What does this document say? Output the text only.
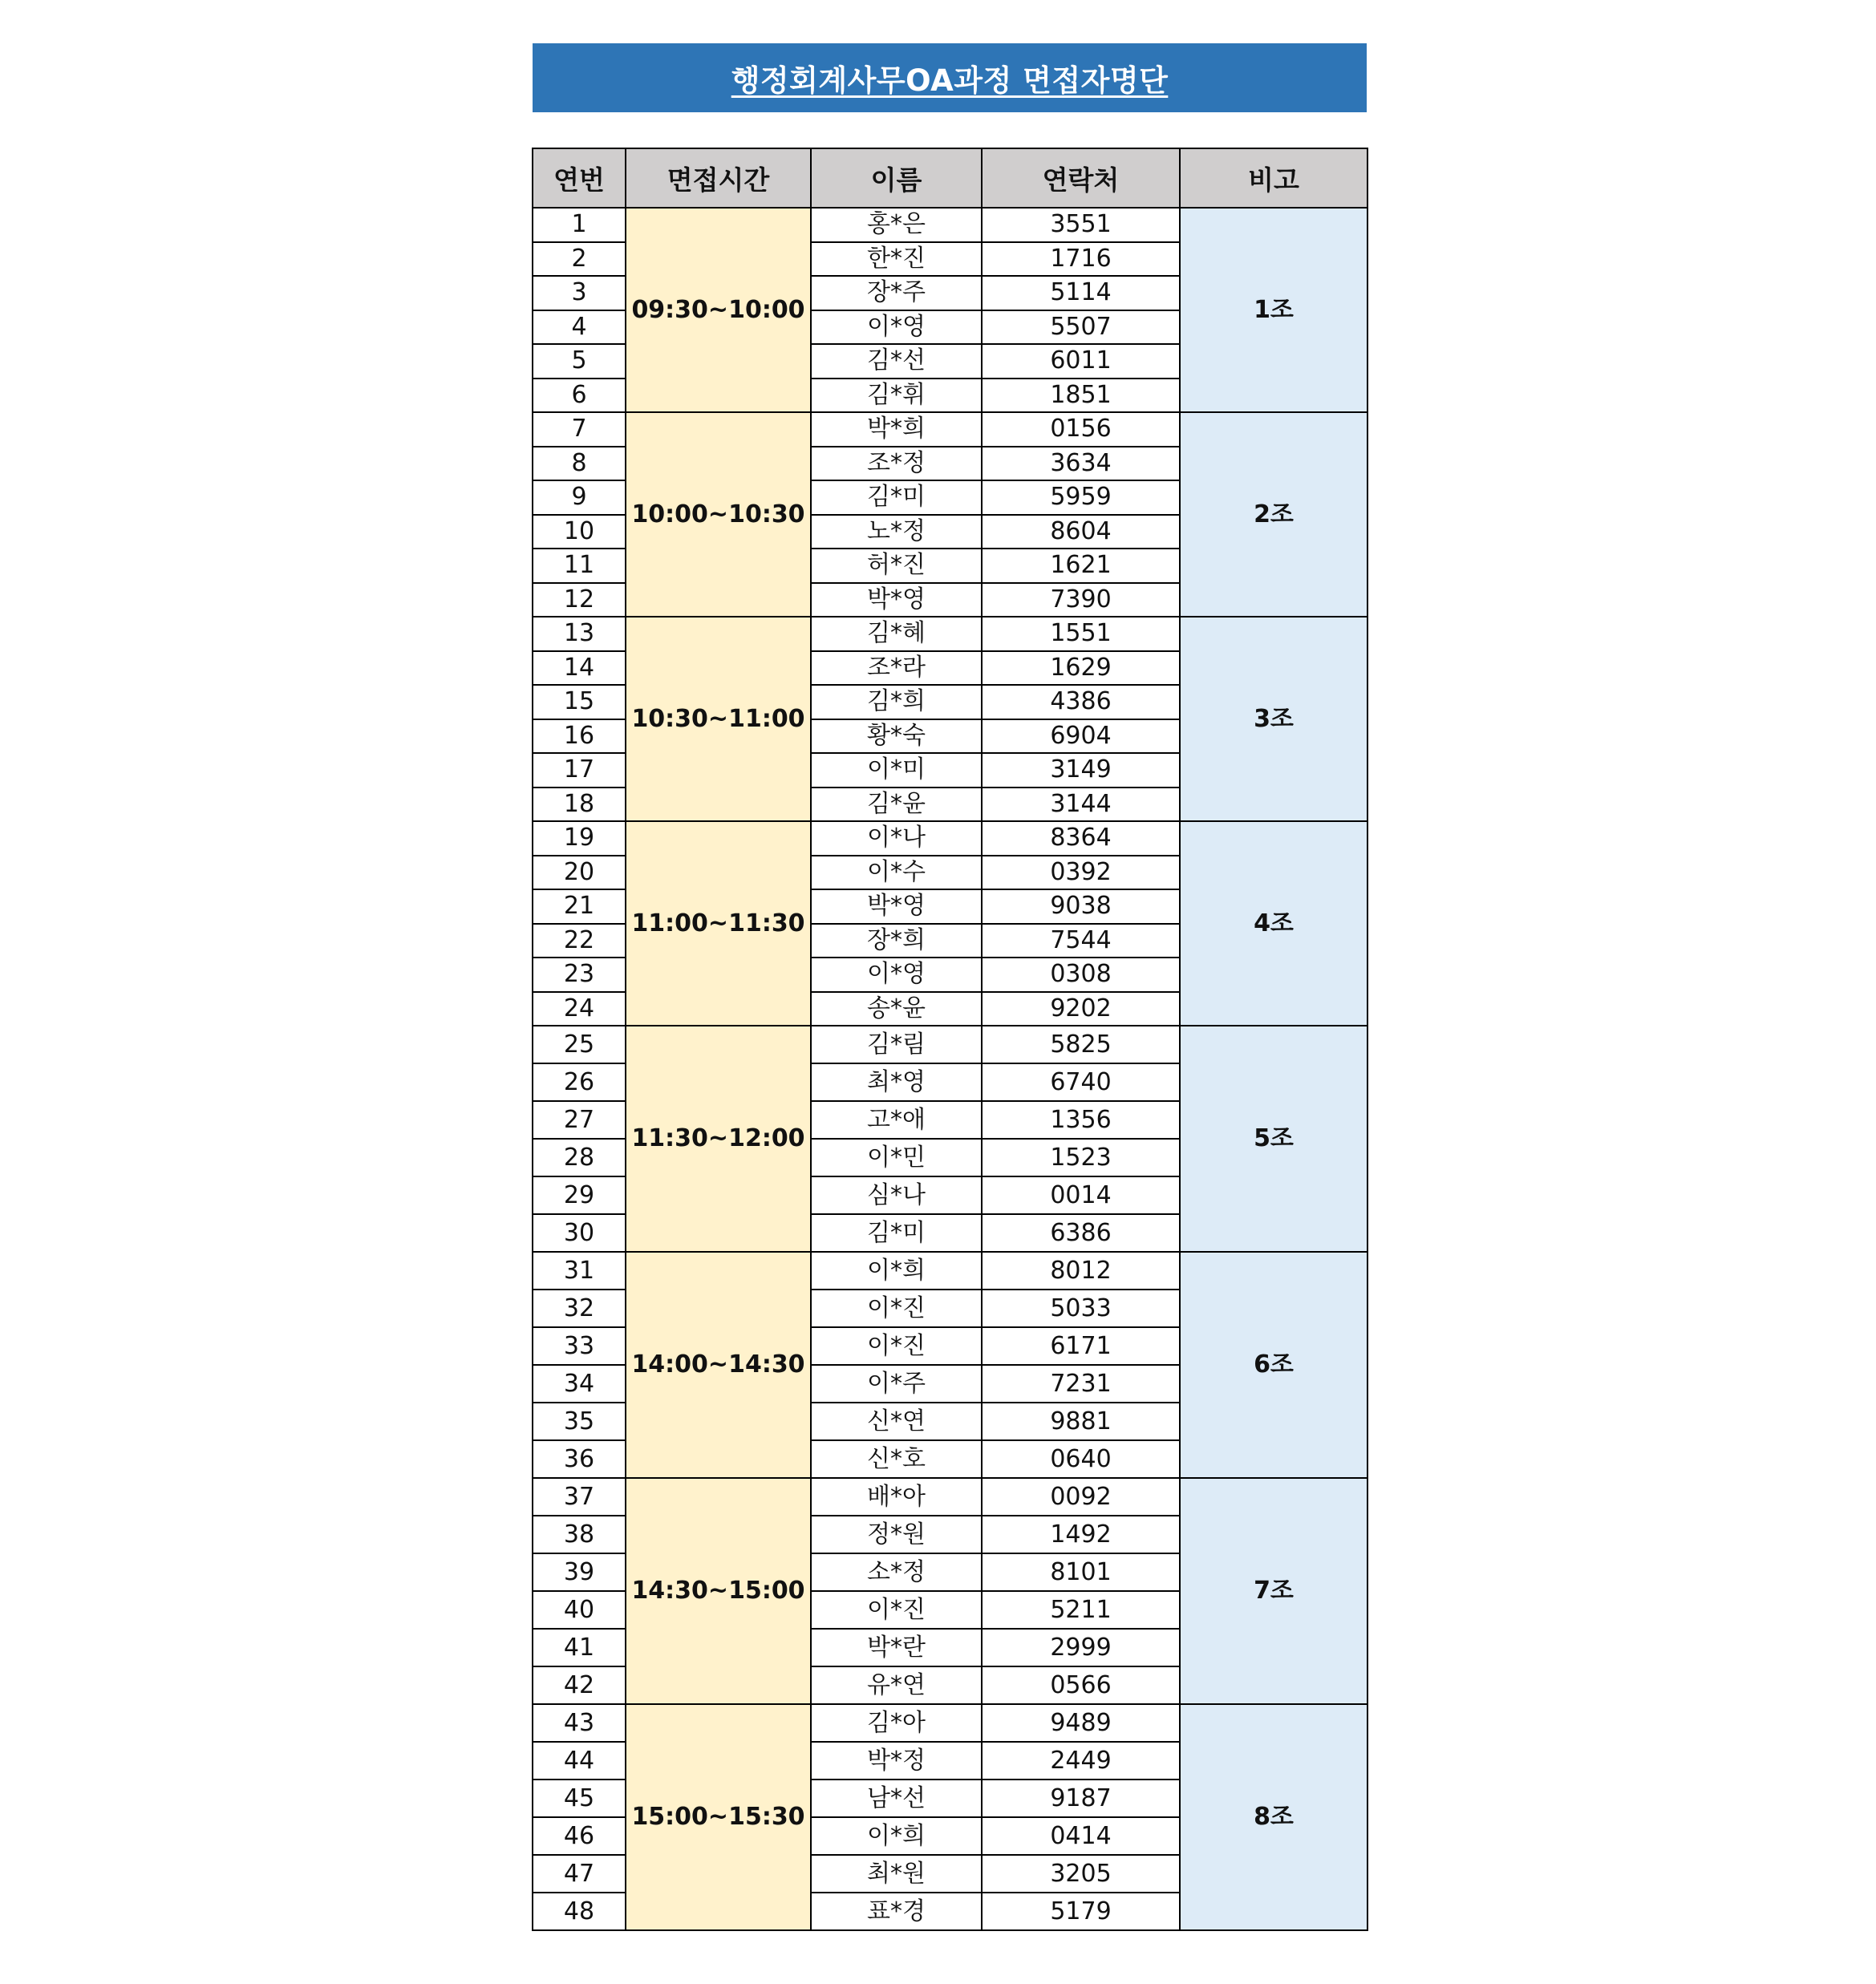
행정회계사무OA과정 면접자명단
연번	면접시간	이름	연락처	비고
1	09:30~10:00	홍*은	3551	1조
2		한*진	1716	
3		장*주	5114	
4		이*영	5507	
5		김*선	6011	
6		김*휘	1851	
7	10:00~10:30	박*희	0156	2조
8		조*정	3634	
9		김*미	5959	
10		노*정	8604	
11		허*진	1621	
12		박*영	7390	
13	10:30~11:00	김*혜	1551	3조
14		조*라	1629	
15		김*희	4386	
16		황*숙	6904	
17		이*미	3149	
18		김*윤	3144	
19	11:00~11:30	이*나	8364	4조
20		이*수	0392	
21		박*영	9038	
22		장*희	7544	
23		이*영	0308	
24		송*윤	9202	
25	11:30~12:00	김*림	5825	5조
26		최*영	6740	
27		고*애	1356	
28		이*민	1523	
29		심*나	0014	
30		김*미	6386	
31	14:00~14:30	이*희	8012	6조
32		이*진	5033	
33		이*진	6171	
34		이*주	7231	
35		신*연	9881	
36		신*호	0640	
37	14:30~15:00	배*아	0092	7조
38		정*원	1492	
39		소*정	8101	
40		이*진	5211	
41		박*란	2999	
42		유*연	0566	
43	15:00~15:30	김*아	9489	8조
44		박*정	2449	
45		남*선	9187	
46		이*희	0414	
47		최*원	3205	
48		표*경	5179	
